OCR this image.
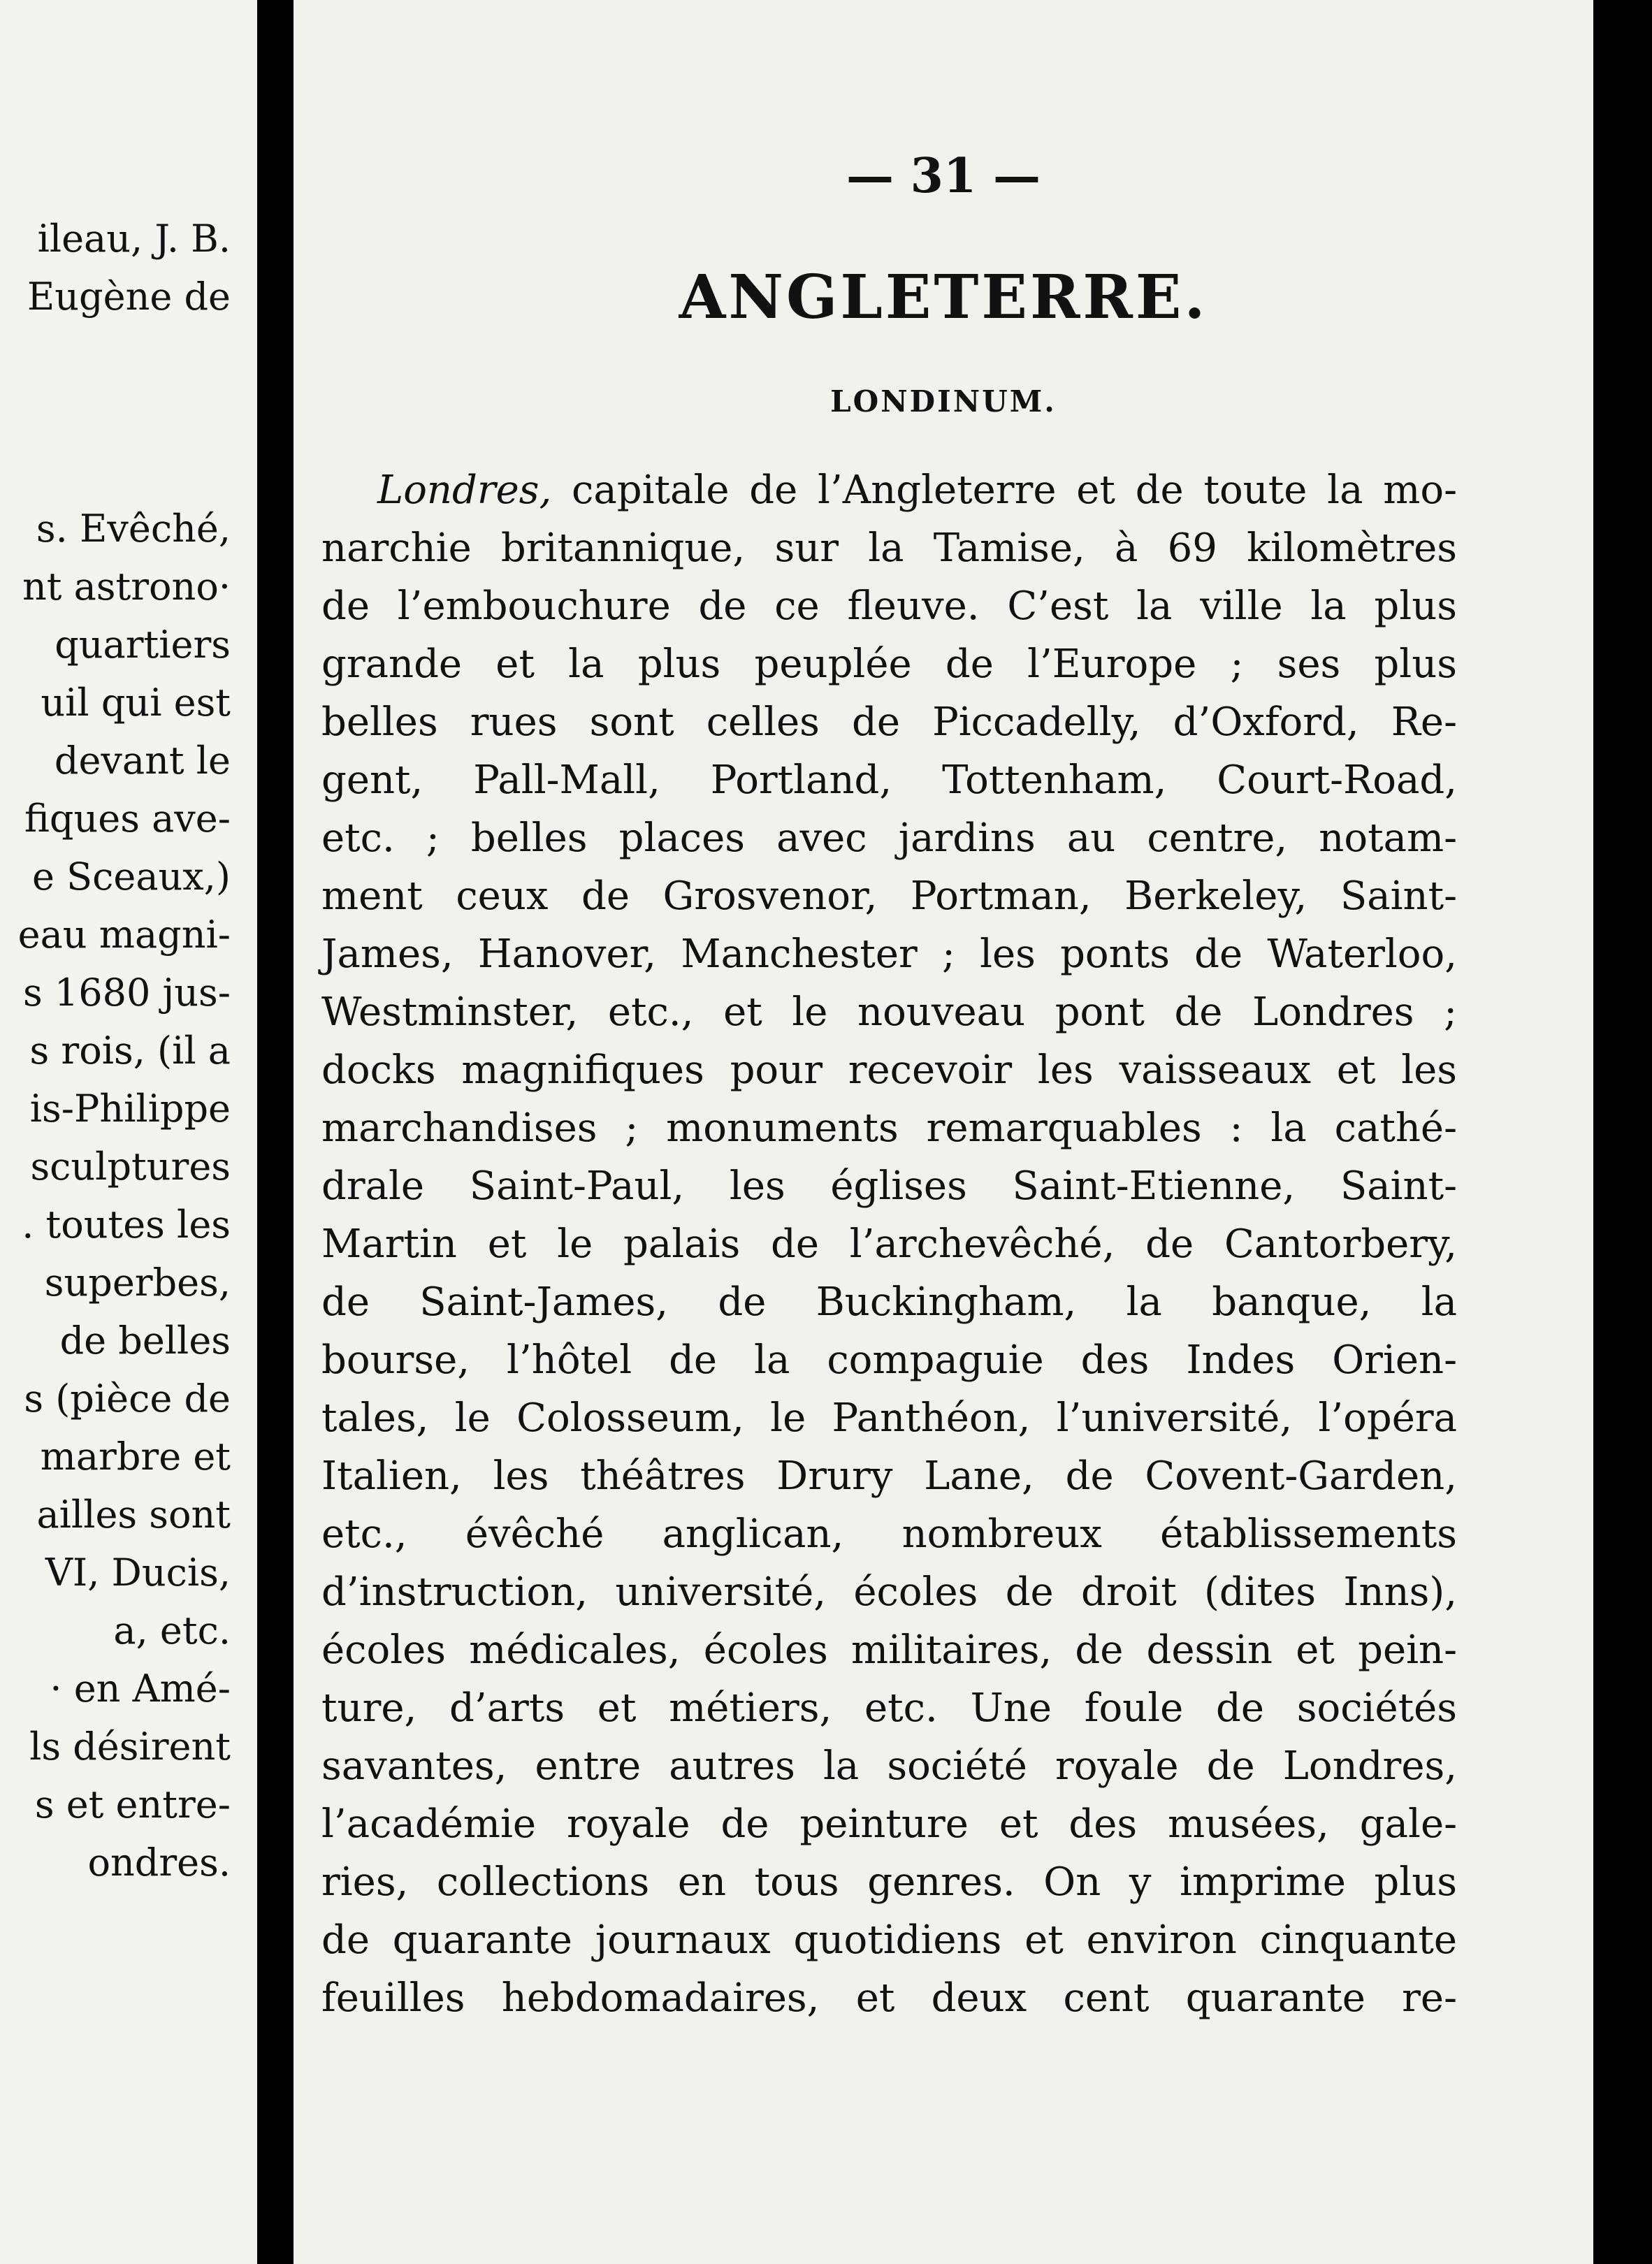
ileau, J. B.
Eugène de

s. Evêché,
nt astrono·
quartiers
uil qui est
devant le
fiques ave-
e Sceaux,)
eau magni-
s 1680 jus-
s rois, (il a
is-Philippe
sculptures
. toutes les
superbes,
de belles
s (pièce de
marbre et
ailles sont
VI, Ducis,
a, etc.
· en Amé-
ls désirent
s et entre-
ondres.
— 31 —
ANGLETERRE.
LONDINUM.
Londres, capitale de l’Angleterre et de toute la mo-
narchie britannique, sur la Tamise, à 69 kilomètres
de l’embouchure de ce fleuve. C’est la ville la plus
grande et la plus peuplée de l’Europe ; ses plus
belles rues sont celles de Piccadelly, d’Oxford, Re-
gent, Pall-Mall, Portland, Tottenham, Court-Road,
etc. ; belles places avec jardins au centre, notam-
ment ceux de Grosvenor, Portman, Berkeley, Saint-
James, Hanover, Manchester ; les ponts de Waterloo,
Westminster, etc., et le nouveau pont de Londres ;
docks magnifiques pour recevoir les vaisseaux et les
marchandises ; monuments remarquables : la cathé-
drale Saint-Paul, les églises Saint-Etienne, Saint-
Martin et le palais de l’archevêché, de Cantorbery,
de Saint-James, de Buckingham, la banque, la
bourse, l’hôtel de la compaguie des Indes Orien-
tales, le Colosseum, le Panthéon, l’université, l’opéra
Italien, les théâtres Drury Lane, de Covent-Garden,
etc., évêché anglican, nombreux établissements
d’instruction, université, écoles de droit (dites Inns),
écoles médicales, écoles militaires, de dessin et pein-
ture, d’arts et métiers, etc. Une foule de sociétés
savantes, entre autres la société royale de Londres,
l’académie royale de peinture et des musées, gale-
ries, collections en tous genres. On y imprime plus
de quarante journaux quotidiens et environ cinquante
feuilles hebdomadaires, et deux cent quarante re-
